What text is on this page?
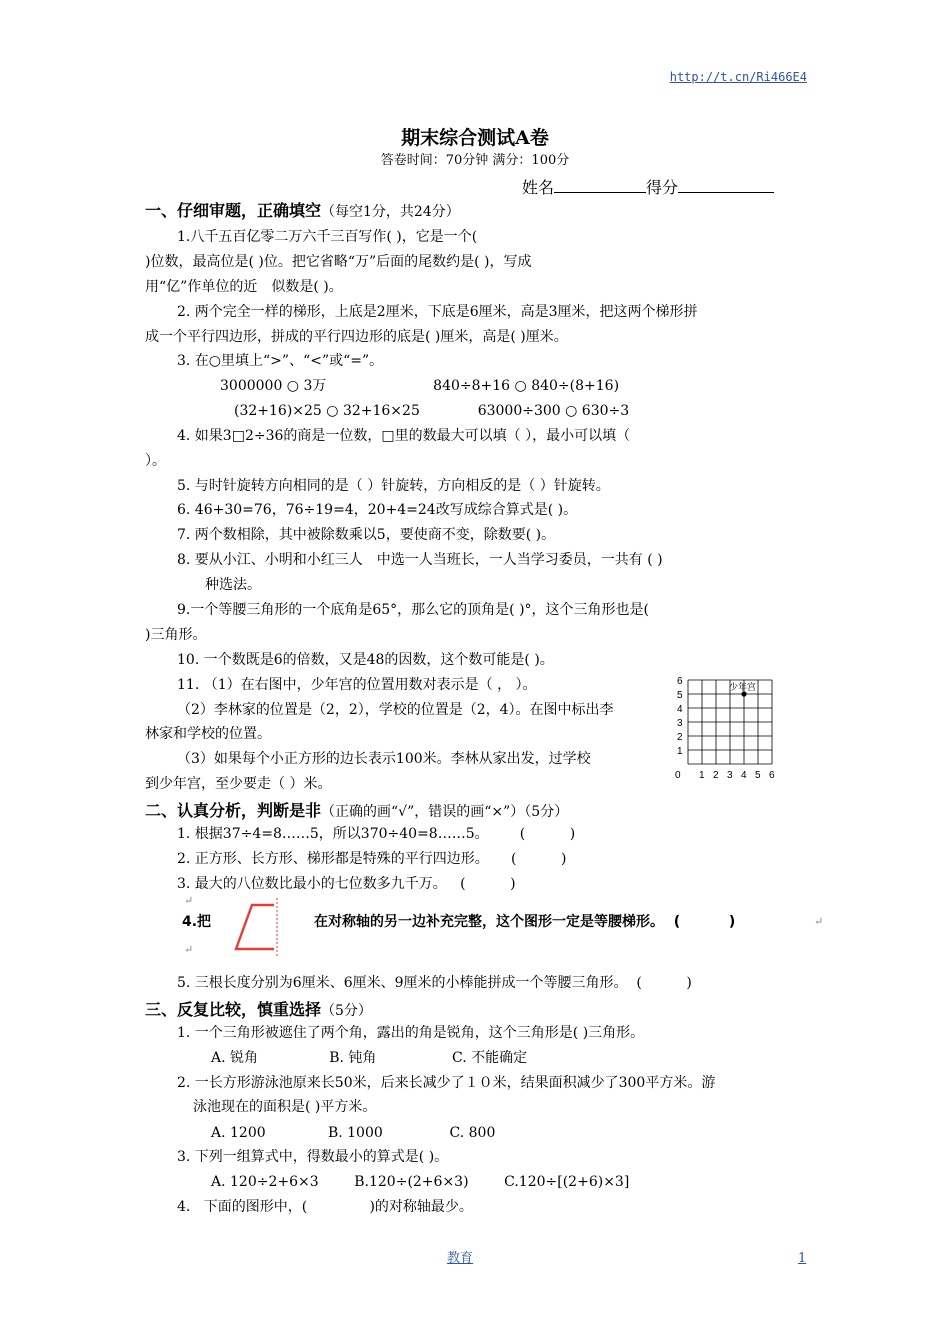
http://t.cn/Ri466E4
期末综合测试A卷
答卷时间：70分钟 满分：100分
姓名	得分
一、仔细审题，正确填空（每空1分，共24分）
1.八千五百亿零二万六千三百写作( )，它是一个(
)位数，最高位是( )位。把它省略“万”后面的尾数约是( )，写成
用“亿”作单位的近　似数是( )。
2. 两个完全一样的梯形，上底是2厘米，下底是6厘米，高是3厘米，把这两个梯形拼
成一个平行四边形，拼成的平行四边形的底是( )厘米，高是( )厘米。
3. 在○里填上“>”、“<”或“=”。
3000000 ○ 3万                        840÷8+16 ○ 840÷(8+16)
(32+16)×25 ○ 32+16×25             63000÷300 ○ 630÷3
4. 如果3□2÷36的商是一位数，□里的数最大可以填（ ），最小可以填（
）。
5. 与时针旋转方向相同的是（ ）针旋转，方向相反的是（ ）针旋转。
6. 46+30=76，76÷19=4，20+4=24改写成综合算式是( )。
7. 两个数相除，其中被除数乘以5，要使商不变，除数要( )。
8. 要从小江、小明和小红三人　中选一人当班长，一人当学习委员，一共有 ( )
种选法。
9.一个等腰三角形的一个底角是65°，那么它的顶角是( )°，这个三角形也是(
)三角形。
10. 一个数既是6的倍数，又是48的因数，这个数可能是( )。
11. （1）在右图中，少年宫的位置用数对表示是（ ， ）。
（2）李林家的位置是（2，2），学校的位置是（2，4）。在图中标出李
林家和学校的位置。
（3）如果每个小正方形的边长表示100米。李林从家出发，过学校
到少年宫，至少要走（ ）米。
少年宫
0 1 2 3 4 5 6
1
2
3
4
5
6
二、认真分析，判断是非（正确的画“√”，错误的画“×”）（5分）
1. 根据37÷4=8……5，所以370÷40=8……5。       (          )
2. 正方形、长方形、梯形都是特殊的平行四边形。     (          )
3. 最大的八位数比最小的七位数多九千万。   (          )
↵
4.把	在对称轴的另一边补充完整，这个图形一定是等腰梯形。  (          )	↵
↵
5. 三根长度分别为6厘米、6厘米、9厘米的小棒能拼成一个等腰三角形。  (          )
三、反复比较，慎重选择（5分）
1. 一个三角形被遮住了两个角，露出的角是锐角，这个三角形是( )三角形。
A. 锐角                B. 钝角                 C. 不能确定
2. 一长方形游泳池原来长50米，后来长减少了１０米，结果面积减少了300平方米。游
泳池现在的面积是( )平方米。
A. 1200              B. 1000               C. 800
3. 下列一组算式中，得数最小的算式是( )。
A. 120÷2+6×3        B.120÷(2+6×3)        C.120÷[(2+6)×3]
4.   下面的图形中，(              )的对称轴最少。
教育	1
